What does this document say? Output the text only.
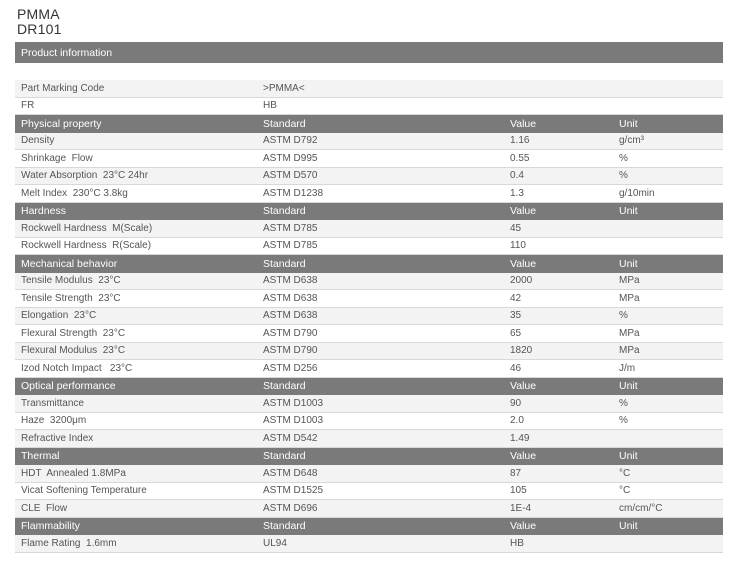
PMMA
DR101
Product information
Part Marking Code	>PMMA<
FR	HB
Physical property	Standard	Value	Unit
Density	ASTM D792	1.16	g/cm³
Shrinkage  Flow	ASTM D995	0.55	%
Water Absorption  23°C 24hr	ASTM D570	0.4	%
Melt Index  230°C 3.8kg	ASTM D1238	1.3	g/10min
Hardness	Standard	Value	Unit
Rockwell Hardness  M(Scale)	ASTM D785	45
Rockwell Hardness  R(Scale)	ASTM D785	110
Mechanical behavior	Standard	Value	Unit
Tensile Modulus  23°C	ASTM D638	2000	MPa
Tensile Strength  23°C	ASTM D638	42	MPa
Elongation  23°C	ASTM D638	35	%
Flexural Strength  23°C	ASTM D790	65	MPa
Flexural Modulus  23°C	ASTM D790	1820	MPa
Izod Notch Impact   23°C	ASTM D256	46	J/m
Optical performance	Standard	Value	Unit
Transmittance	ASTM D1003	90	%
Haze  3200μm	ASTM D1003	2.0	%
Refractive Index	ASTM D542	1.49
Thermal	Standard	Value	Unit
HDT  Annealed 1.8MPa	ASTM D648	87	°C
Vicat Softening Temperature	ASTM D1525	105	°C
CLE  Flow	ASTM D696	1E-4	cm/cm/°C
Flammability	Standard	Value	Unit
Flame Rating  1.6mm	UL94	HB
